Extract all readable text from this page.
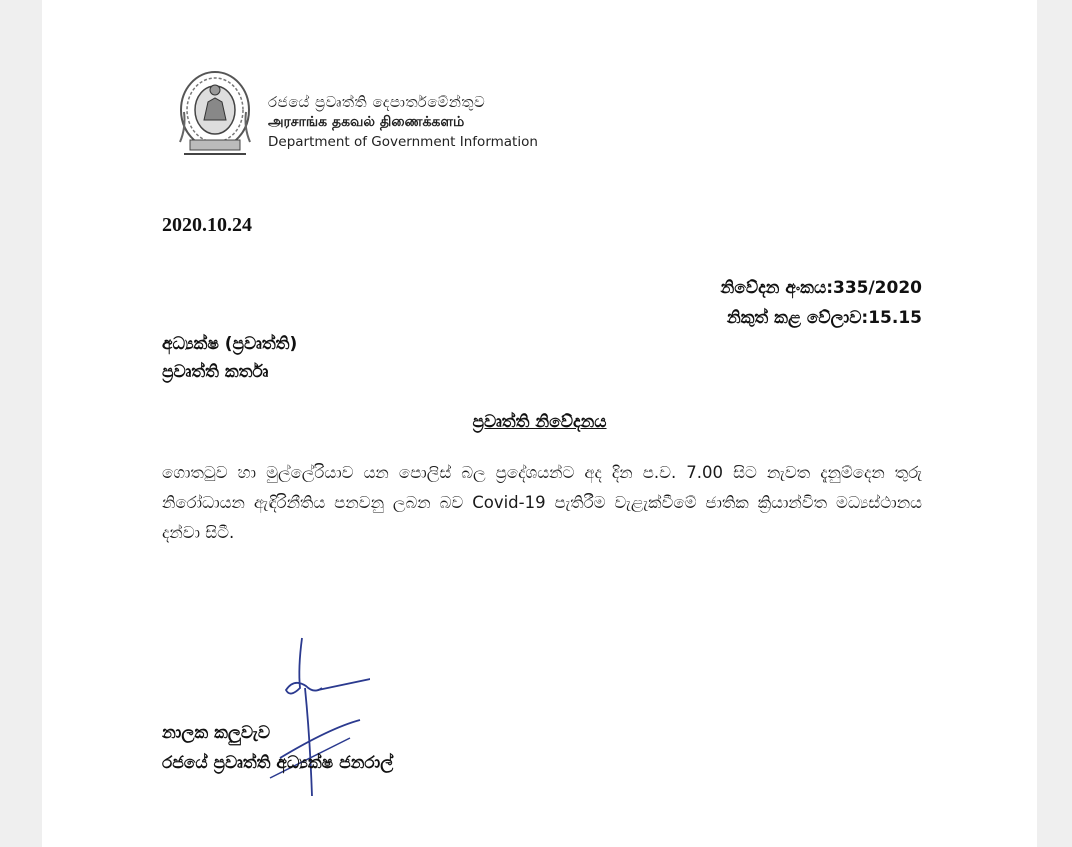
රජයේ ප්‍රවෘත්ති දෙපාර්තමේන්තුව
அரசாங்க தகவல் திணைக்களம்
Department of Government Information
2020.10.24
නිවේදන අංකය:335/2020
නිකුත් කළ වේලාව:15.15
අධ්‍යක්ෂ (ප්‍රවෘත්ති)
ප්‍රවෘත්ති කර්තෘ
ප්‍රවෘත්ති නිවේදනය
ගොතටුව හා මුල්ලේරියාව යන පොලිස් බල ප්‍රදේශයන්ට අද දින ප.ව. 7.00 සිට නැවත දැනුම්දෙන තුරු නිරෝධායන ඇඳිරිනීතිය පනවනු ලබන බව Covid-19 පැතිරීම වැළැක්වීමේ ජාතික ක්‍රියාන්විත මධ්‍යස්ථානය දන්වා සිටී.
නාලක කලුවැව
රජයේ ප්‍රවෘත්ති අධ්‍යක්ෂ ජනරාල්
